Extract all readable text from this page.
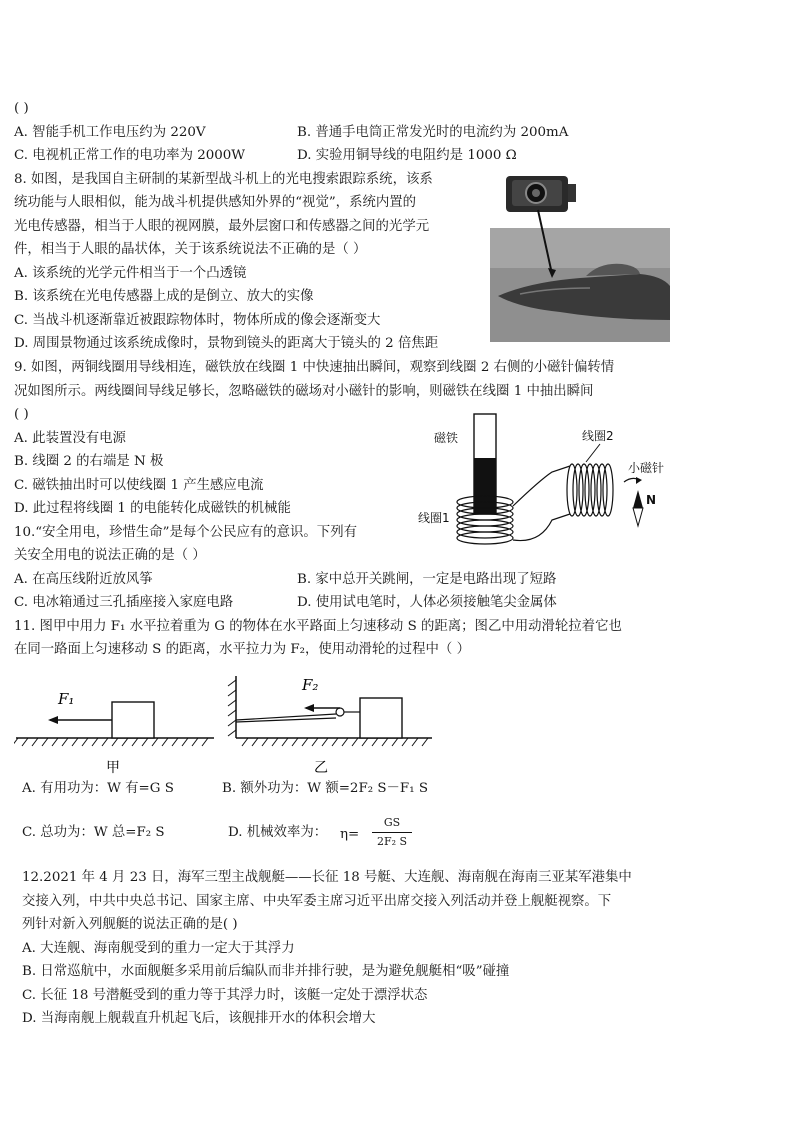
( )
A. 智能手机工作电压约为 220V	B. 普通手电筒正常发光时的电流约为 200mA
C. 电视机正常工作的电功率为 2000W	D. 实验用铜导线的电阻约是 1000 Ω
8. 如图，是我国自主研制的某新型战斗机上的光电搜索跟踪系统，该系
统功能与人眼相似，能为战斗机提供感知外界的“视觉”，系统内置的
光电传感器，相当于人眼的视网膜，最外层窗口和传感器之间的光学元
件，相当于人眼的晶状体，关于该系统说法不正确的是（ ）
A. 该系统的光学元件相当于一个凸透镜
B. 该系统在光电传感器上成的是倒立、放大的实像
C. 当战斗机逐渐靠近被跟踪物体时，物体所成的像会逐渐变大
D. 周围景物通过该系统成像时，景物到镜头的距离大于镜头的 2 倍焦距
9. 如图，两铜线圈用导线相连，磁铁放在线圈 1 中快速抽出瞬间，观察到线圈 2 右侧的小磁针偏转情
况如图所示。两线圈间导线足够长，忽略磁铁的磁场对小磁针的影响，则磁铁在线圈 1 中抽出瞬间
( )
A. 此装置没有电源
B. 线圈 2 的右端是 N 极
C. 磁铁抽出时可以使线圈 1 产生感应电流
D. 此过程将线圈 1 的电能转化成磁铁的机械能
磁铁
线圈1
线圈2
小磁针
N
10.“安全用电，珍惜生命”是每个公民应有的意识。下列有
关安全用电的说法正确的是（ ）
A. 在高压线附近放风筝	B. 家中总开关跳闸，一定是电路出现了短路
C. 电冰箱通过三孔插座接入家庭电路	D. 使用试电笔时，人体必须接触笔尖金属体
11. 图甲中用力 F₁ 水平拉着重为 G 的物体在水平路面上匀速移动 S 的距离；图乙中用动滑轮拉着它也
在同一路面上匀速移动 S 的距离，水平拉力为 F₂，使用动滑轮的过程中（ ）
F₁
F₂
甲	乙
A. 有用功为：W 有=G S	B. 额外功为：W 额=2F₂ S－F₁ S
C. 总功为：W 总=F₂ S	D. 机械效率为： η=
GS
2F₂ S
12.2021 年 4 月 23 日，海军三型主战舰艇——长征 18 号艇、大连舰、海南舰在海南三亚某军港集中
交接入列，中共中央总书记、国家主席、中央军委主席习近平出席交接入列活动并登上舰艇视察。下
列针对新入列舰艇的说法正确的是( )
A. 大连舰、海南舰受到的重力一定大于其浮力
B. 日常巡航中，水面舰艇多采用前后编队而非并排行驶，是为避免舰艇相“吸”碰撞
C. 长征 18 号潜艇受到的重力等于其浮力时，该艇一定处于漂浮状态
D. 当海南舰上舰载直升机起飞后，该舰排开水的体积会增大
